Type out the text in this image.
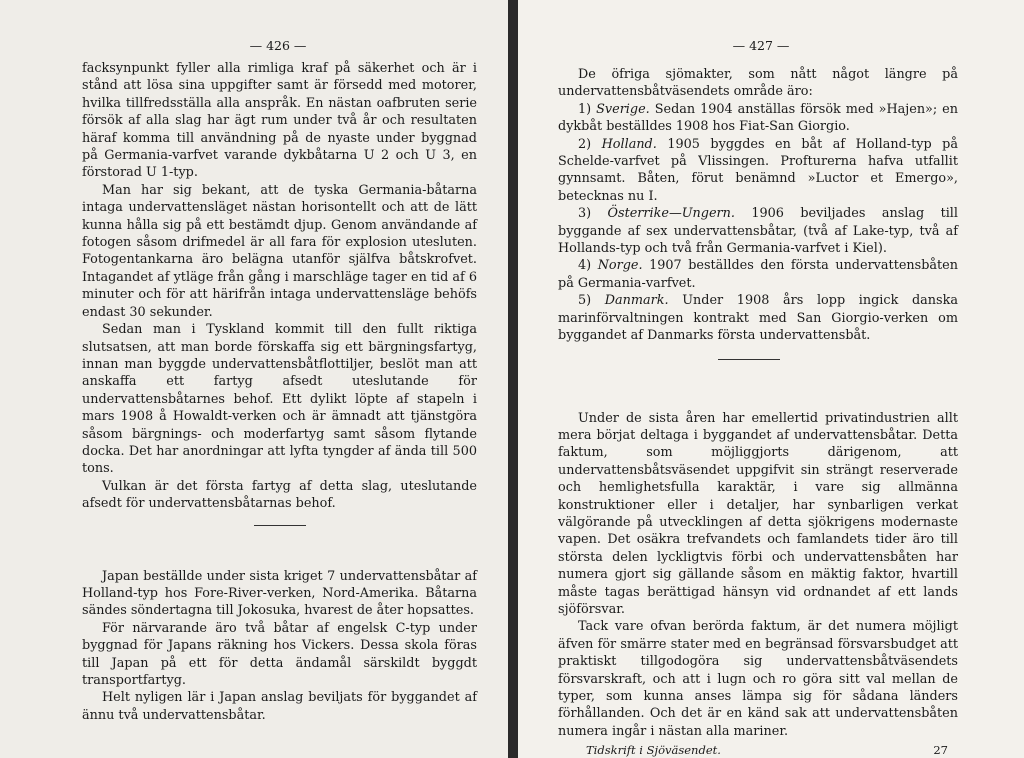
— 426 —

facksynpunkt fyller alla rimliga kraf på säkerhet och är i stånd att lösa sina uppgifter samt är försedd med motorer, hvilka tillfredsställa alla anspråk. En nästan oafbruten serie försök af alla slag har ägt rum under två år och resultaten häraf komma till användning på de nyaste under byggnad på Germania-varfvet varande dykbåtarna U 2 och U 3, en förstorad U 1-typ.

Man har sig bekant, att de tyska Germania-båtarna intaga undervattensläget nästan horisontellt och att de lätt kunna hålla sig på ett bestämdt djup. Genom användande af fotogen såsom drifmedel är all fara för explosion utesluten. Fotogentankarna äro belägna utanför själfva båtskrofvet. Intagandet af ytläge från gång i marschläge tager en tid af 6 minuter och för att härifrån intaga undervattensläge behöfs endast 30 sekunder.

Sedan man i Tyskland kommit till den fullt riktiga slutsatsen, att man borde förskaffa sig ett bärgningsfartyg, innan man byggde undervattensbåtflottiljer, beslöt man att anskaffa ett fartyg afsedt uteslutande för undervattensbåtarnes behof. Ett dylikt löpte af stapeln i mars 1908 å Howaldt-verken och är ämnadt att tjänstgöra såsom bärgnings- och moderfartyg samt såsom flytande docka. Det har anordningar att lyfta tyngder af ända till 500 tons.

Vulkan är det första fartyg af detta slag, uteslutande afsedt för undervattensbåtarnas behof.

Japan beställde under sista kriget 7 undervattensbåtar af Holland-typ hos Fore-River-verken, Nord-Amerika. Båtarna sändes söndertagna till Jokosuka, hvarest de åter hopsattes.

För närvarande äro två båtar af engelsk C-typ under byggnad för Japans räkning hos Vickers. Dessa skola föras till Japan på ett för detta ändamål särskildt byggdt transportfartyg.

Helt nyligen lär i Japan anslag beviljats för byggandet af ännu två undervattensbåtar.

— 427 —

De öfriga sjömakter, som nått något längre på undervattensbåtväsendets område äro:

1) Sverige. Sedan 1904 anställas försök med »Hajen»; en dykbåt beställdes 1908 hos Fiat-San Giorgio.

2) Holland. 1905 byggdes en båt af Holland-typ på Schelde-varfvet på Vlissingen. Profturerna hafva utfallit gynnsamt. Båten, förut benämnd »Luctor et Emergo», betecknas nu I.

3) Österrike—Ungern. 1906 beviljades anslag till byggande af sex undervattensbåtar, (två af Lake-typ, två af Hollands-typ och två från Germania-varfvet i Kiel).

4) Norge. 1907 beställdes den första undervattensbåten på Germania-varfvet.

5) Danmark. Under 1908 års lopp ingick danska marinförvaltningen kontrakt med San Giorgio-verken om byggandet af Danmarks första undervattensbåt.

Under de sista åren har emellertid privatindustrien allt mera börjat deltaga i byggandet af undervattensbåtar. Detta faktum, som möjliggjorts därigenom, att undervattensbåtsväsendet uppgifvit sin strängt reserverade och hemlighetsfulla karaktär, i vare sig allmänna konstruktioner eller i detaljer, har synbarligen verkat välgörande på utvecklingen af detta sjökrigens modernaste vapen. Det osäkra trefvandets och famlandets tider äro till största delen lyckligtvis förbi och undervattensbåten har numera gjort sig gällande såsom en mäktig faktor, hvartill måste tagas berättigad hänsyn vid ordnandet af ett lands sjöförsvar.

Tack vare ofvan berörda faktum, är det numera möjligt äfven för smärre stater med en begränsad försvarsbudget att praktiskt tillgodogöra sig undervattensbåtväsendets försvarskraft, och att i lugn och ro göra sitt val mellan de typer, som kunna anses lämpa sig för sådana länders förhållanden. Och det är en känd sak att undervattensbåten numera ingår i nästan alla mariner.

Tidskrift i Sjöväsendet.	27
